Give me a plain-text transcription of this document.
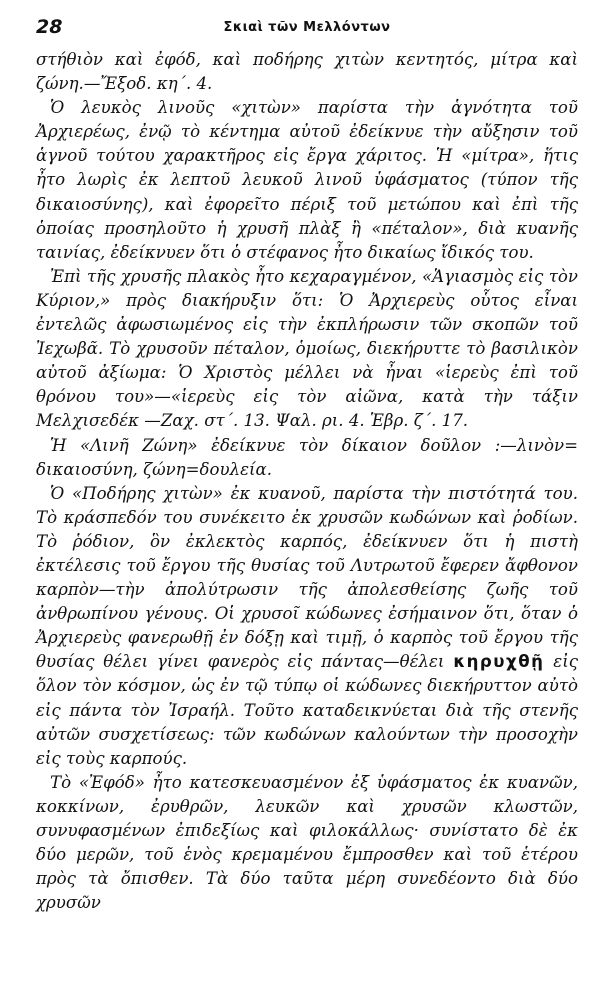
28	Σκιαὶ τῶν Μελλόντων

στήθιὸν καὶ ἐφόδ, καὶ ποδήρης χιτὼν κεντητός, μίτρα καὶ ζώνη.—Ἔξοδ. κη΄. 4.

Ὁ λευκὸς λινοῦς «χιτὼν» παρίστα τὴν ἁγνότητα τοῦ Ἀρχιερέως, ἐνῷ τὸ κέντημα αὐτοῦ ἐδείκνυε τὴν αὔξησιν τοῦ ἁγνοῦ τούτου χαρακτῆρος εἰς ἔργα χάριτος. Ἡ «μίτρα», ἥτις ἦτο λωρὶς ἐκ λεπτοῦ λευκοῦ λινοῦ ὑφάσματος (τύπον τῆς δικαιοσύνης), καὶ ἐφορεῖτο πέριξ τοῦ μετώπου καὶ ἐπὶ τῆς ὁποίας προσηλοῦτο ἡ χρυσῆ πλὰξ ἢ «πέταλον», διὰ κυανῆς ταινίας, ἐδείκνυεν ὅτι ὁ στέφανος ἦτο δικαίως ἴδικός του.

Ἐπὶ τῆς χρυσῆς πλακὸς ἦτο κεχαραγμένον, «Ἁγιασμὸς εἰς τὸν Κύριον,» πρὸς διακήρυξιν ὅτι: Ὁ Ἀρχιερεὺς οὗτος εἶναι ἐντελῶς ἀφωσιωμένος εἰς τὴν ἐκπλήρωσιν τῶν σκοπῶν τοῦ Ἰεχωβᾶ. Τὸ χρυσοῦν πέταλον, ὁμοίως, διεκήρυττε τὸ βασιλικὸν αὐτοῦ ἀξίωμα: Ὁ Χριστὸς μέλλει νὰ ἦναι «ἱερεὺς ἐπὶ τοῦ θρόνου του»—«ἱερεὺς εἰς τὸν αἰῶνα, κατὰ τὴν τάξιν Μελχισεδέκ —Ζαχ. στ΄. 13. Ψαλ. ρι. 4. Ἑβρ. ζ΄. 17.

Ἡ «Λινῆ Ζώνη» ἐδείκνυε τὸν δίκαιον δοῦλον :—λινὸν= δικαιοσύνη, ζώνη=δουλεία.

Ὁ «Ποδήρης χιτὼν» ἐκ κυανοῦ, παρίστα τὴν πιστότητά του. Τὸ κράσπεδόν του συνέκειτο ἐκ χρυσῶν κωδώνων καὶ ῥοδίων. Τὸ ῥόδιον, ὃν ἐκλεκτὸς καρπός, ἐδείκνυεν ὅτι ἡ πιστὴ ἐκτέλεσις τοῦ ἔργου τῆς θυσίας τοῦ Λυτρωτοῦ ἔφερεν ἄφθονον καρπὸν—τὴν ἀπολύτρωσιν τῆς ἀπολεσθείσης ζωῆς τοῦ ἀνθρωπίνου γένους. Οἱ χρυσοῖ κώδωνες ἐσήμαινον ὅτι, ὅταν ὁ Ἀρχιερεὺς φανερωθῇ ἐν δόξῃ καὶ τιμῇ, ὁ καρπὸς τοῦ ἔργου τῆς θυσίας θέλει γίνει φανερὸς εἰς πάντας—θέλει κηρυχθῇ εἰς ὅλον τὸν κόσμον, ὡς ἐν τῷ τύπῳ οἱ κώδωνες διεκήρυττον αὐτὸ εἰς πάντα τὸν Ἰσραήλ. Τοῦτο καταδεικνύεται διὰ τῆς στενῆς αὐτῶν συσχετίσεως: τῶν κωδώνων καλούντων τὴν προσοχὴν εἰς τοὺς καρπούς.

Τὸ «Ἐφόδ» ἦτο κατεσκευασμένον ἐξ ὑφάσματος ἐκ κυανῶν, κοκκίνων, ἐρυθρῶν, λευκῶν καὶ χρυσῶν κλωστῶν, συνυφασμένων ἐπιδεξίως καὶ φιλοκάλλως· συνίστατο δὲ ἐκ δύο μερῶν, τοῦ ἑνὸς κρεμαμένου ἔμπροσθεν καὶ τοῦ ἑτέρου πρὸς τὰ ὄπισθεν. Τὰ δύο ταῦτα μέρη συνεδέοντο διὰ δύο χρυσῶν
